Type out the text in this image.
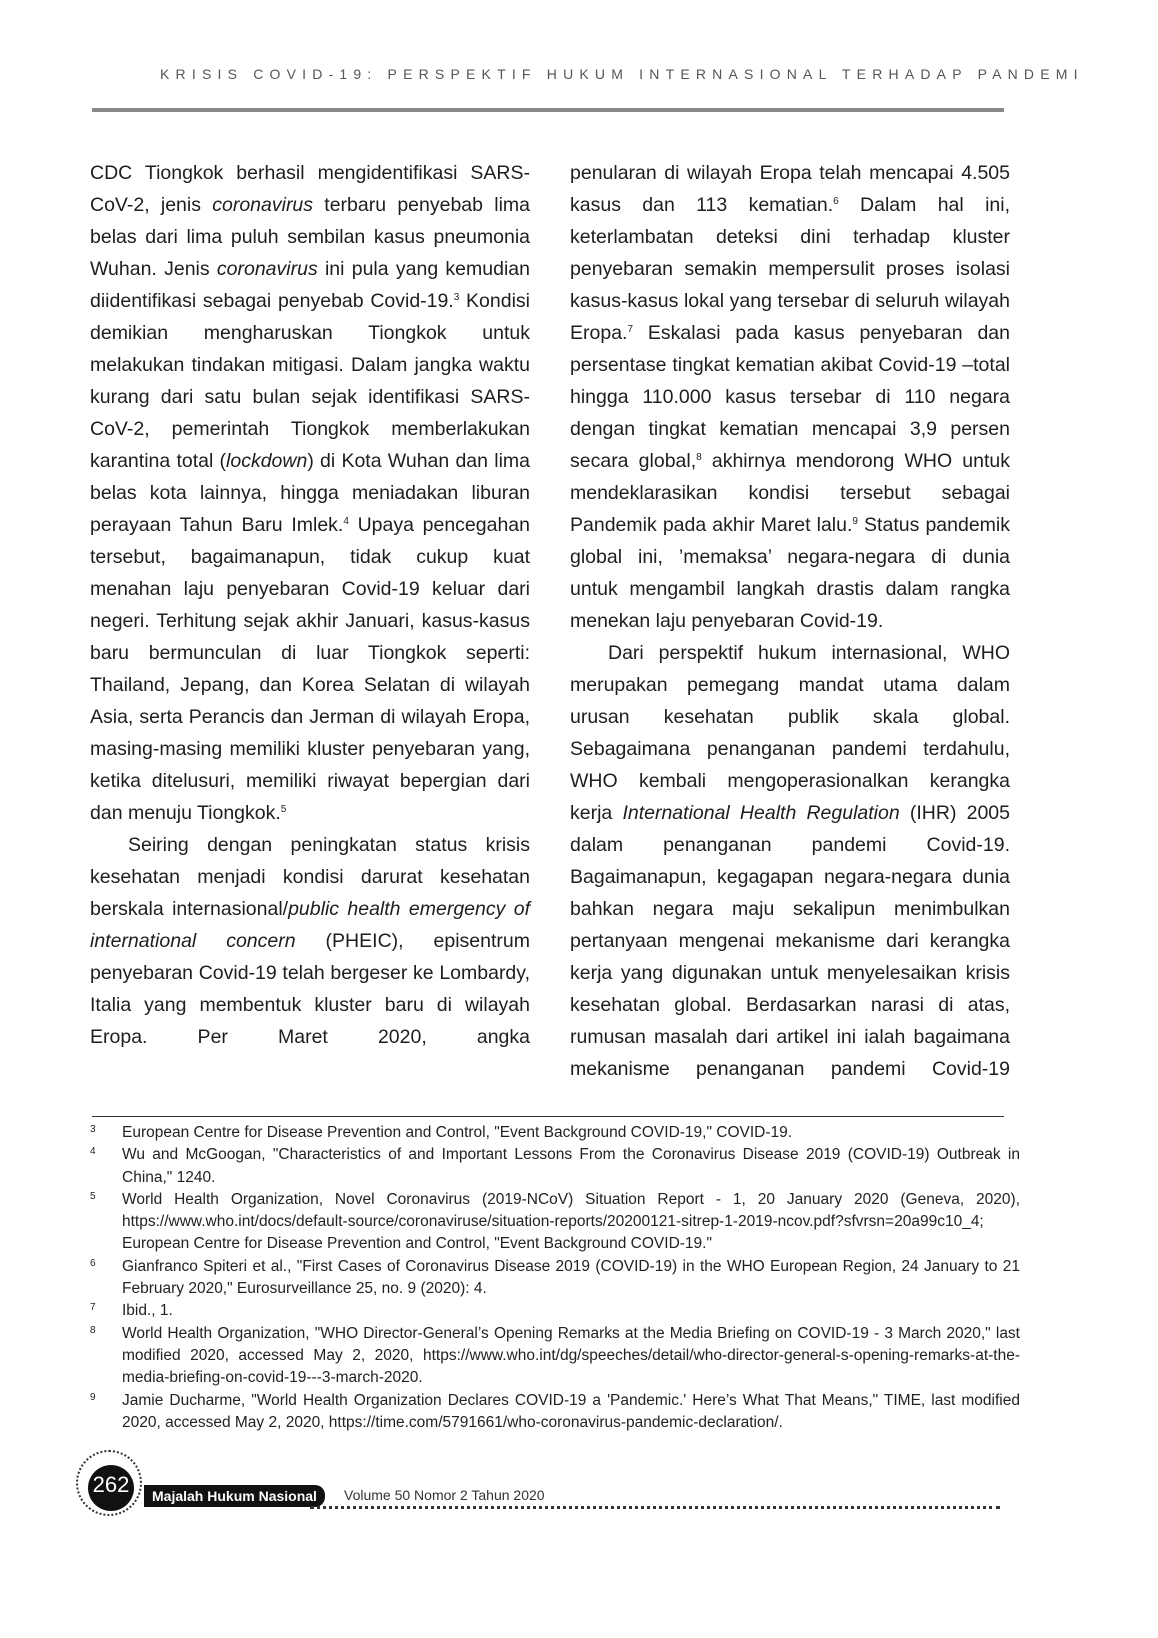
KRISIS COVID-19: PERSPEKTIF HUKUM INTERNASIONAL TERHADAP PANDEMI

CDC Tiongkok berhasil mengidentifikasi SARS-CoV-2, jenis coronavirus terbaru penyebab lima belas dari lima puluh sembilan kasus pneumonia Wuhan. Jenis coronavirus ini pula yang kemudian diidentifikasi sebagai penyebab Covid-19.$^3$ Kondisi demikian mengharuskan Tiongkok untuk melakukan tindakan mitigasi. Dalam jangka waktu kurang dari satu bulan sejak identifikasi SARS-CoV-2, pemerintah Tiongkok memberlakukan karantina total (lockdown) di Kota Wuhan dan lima belas kota lainnya, hingga meniadakan liburan perayaan Tahun Baru Imlek.$^4$ Upaya pencegahan tersebut, bagaimanapun, tidak cukup kuat menahan laju penyebaran Covid-19 keluar dari negeri. Terhitung sejak akhir Januari, kasus-kasus baru bermunculan di luar Tiongkok seperti: Thailand, Jepang, dan Korea Selatan di wilayah Asia, serta Perancis dan Jerman di wilayah Eropa, masing-masing memiliki kluster penyebaran yang, ketika ditelusuri, memiliki riwayat bepergian dari dan menuju Tiongkok.$^5$

Seiring dengan peningkatan status krisis kesehatan menjadi kondisi darurat kesehatan berskala internasional/public health emergency of international concern (PHEIC), episentrum penyebaran Covid-19 telah bergeser ke Lombardy, Italia yang membentuk kluster baru di wilayah Eropa. Per Maret 2020, angka

penularan di wilayah Eropa telah mencapai 4.505 kasus dan 113 kematian.$^6$ Dalam hal ini, keterlambatan deteksi dini terhadap kluster penyebaran semakin mempersulit proses isolasi kasus-kasus lokal yang tersebar di seluruh wilayah Eropa.$^7$ Eskalasi pada kasus penyebaran dan persentase tingkat kematian akibat Covid-19 –total hingga 110.000 kasus tersebar di 110 negara dengan tingkat kematian mencapai 3,9 persen secara global,$^8$ akhirnya mendorong WHO untuk mendeklarasikan kondisi tersebut sebagai Pandemik pada akhir Maret lalu.$^9$ Status pandemik global ini, ’memaksa’ negara-negara di dunia untuk mengambil langkah drastis dalam rangka menekan laju penyebaran Covid-19.

Dari perspektif hukum internasional, WHO merupakan pemegang mandat utama dalam urusan kesehatan publik skala global. Sebagaimana penanganan pandemi terdahulu, WHO kembali mengoperasionalkan kerangka kerja International Health Regulation (IHR) 2005 dalam penanganan pandemi Covid-19. Bagaimanapun, kegagapan negara-negara dunia bahkan negara maju sekalipun menimbulkan pertanyaan mengenai mekanisme dari kerangka kerja yang digunakan untuk menyelesaikan krisis kesehatan global. Berdasarkan narasi di atas, rumusan masalah dari artikel ini ialah bagaimana mekanisme penanganan pandemi Covid-19

3	European Centre for Disease Prevention and Control, "Event Background COVID-19," COVID-19.
4	Wu and McGoogan, "Characteristics of and Important Lessons From the Coronavirus Disease 2019 (COVID-19) Outbreak in China," 1240.
5	World Health Organization, Novel Coronavirus (2019-NCoV) Situation Report - 1, 20 January 2020 (Geneva, 2020), https://www.who.int/docs/default-source/coronaviruse/situation-reports/20200121-sitrep-1-2019-ncov.pdf?sfvrsn=20a99c10_4; European Centre for Disease Prevention and Control, "Event Background COVID-19."
6	Gianfranco Spiteri et al., "First Cases of Coronavirus Disease 2019 (COVID-19) in the WHO European Region, 24 January to 21 February 2020," Eurosurveillance 25, no. 9 (2020): 4.
7	Ibid., 1.
8	World Health Organization, "WHO Director-General’s Opening Remarks at the Media Briefing on COVID-19 - 3 March 2020," last modified 2020, accessed May 2, 2020, https://www.who.int/dg/speeches/detail/who-director-general-s-opening-remarks-at-the-media-briefing-on-covid-19---3-march-2020.
9	Jamie Ducharme, "World Health Organization Declares COVID-19 a 'Pandemic.' Here’s What That Means," TIME, last modified 2020, accessed May 2, 2020, https://time.com/5791661/who-coronavirus-pandemic-declaration/.
262	Majalah Hukum Nasional	Volume 50 Nomor 2 Tahun 2020
